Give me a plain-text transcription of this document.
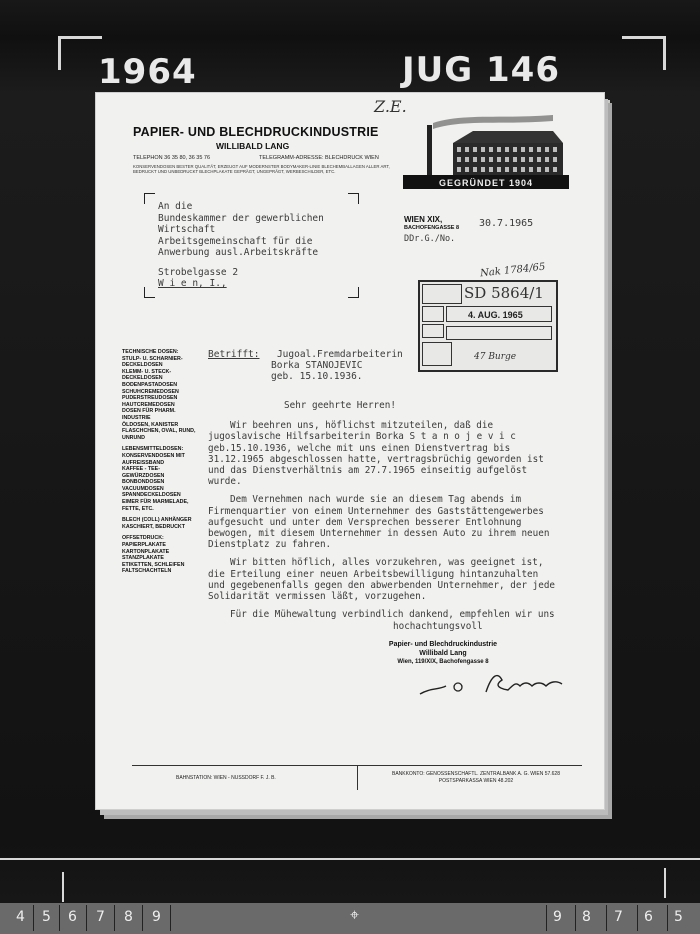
1964	JUG 146
Z.E.
PAPIER- UND BLECHDRUCKINDUSTRIE
WILLIBALD LANG
TELEPHON 36 35 80, 36 35 76	TELEGRAMM-ADRESSE: BLECHDRUCK WIEN
KONSERVENDOSEN BESTER QUALITÄT, ERZEUGT AUF MODERNSTER BODYMAKER-LINIE BLECHEMBALLAGEN ALLER ART, BEDRUCKT UND UNBEDRUCKT BLECHPLAKATE GEPRÄGT, UNGEPRÄGT, WERBESCHILDER, ETC.
GEGRÜNDET 1904
An die
Bundeskammer der gewerblichen
Wirtschaft
Arbeitsgemeinschaft für die
Anwerbung ausl.Arbeitskräfte
Strobelgasse 2
W i e n, I.,
WIEN XIX,
BACHOFENGASSE 8
DDr.G./No.
30.7.1965
Nak 1784/65
SD 5864/1
4. AUG. 1965
47 Burge
TECHNISCHE DOSEN:
STULP- U. SCHARNIER-DECKELDOSEN
KLEMM- U. STECK-DECKELDOSEN
BODENPASTADOSEN
SCHUHCREMEDOSEN
PUDERSTREUDOSEN
HAUTCREMEDOSEN
DOSEN FÜR PHARM. INDUSTRIE
ÖLDOSEN, KANISTER
FLASCHCHEN, OVAL, RUND, UNRUND
LEBENSMITTELDOSEN:
KONSERVENDOSEN MIT AUFREISSBAND
KAFFEE - TEE-
GEWÜRZDOSEN
BONBONDOSEN
VACUUMDOSEN
SPANNDECKELDOSEN
EIMER FÜR MARMELADE, FETTE, ETC.
BLECH (COLL) ANHÄNGER
KASCHIERT, BEDRUCKT
OFFSETDRUCK:
PAPIERPLAKATE
KARTONPLAKATE
STANZPLAKATE
ETIKETTEN, SCHLEIFEN
FALTSCHACHTELN
Betrifft: Jugoal.Fremdarbeiterin
Borka STANOJEVIC
geb. 15.10.1936.

Sehr geehrte Herren!

Wir beehren uns, höflichst mitzuteilen, daß die jugoslavische Hilfsarbeiterin Borka S t a n o j e v i c geb.15.10.1936, welche mit uns einen Dienstvertrag bis 31.12.1965 abgeschlossen hatte, vertragsbrüchig geworden ist und das Dienstverhältnis am 27.7.1965 einseitig aufgelöst wurde.

Dem Vernehmen nach wurde sie an diesem Tag abends im Firmenquartier von einem Unternehmer des Gaststättengewerbes aufgesucht und unter dem Versprechen besserer Entlohnung bewogen, mit diesem Unternehmer in dessen Auto zu ihrem neuen Dienstplatz zu fahren.

Wir bitten höflich, alles vorzukehren, was geeignet ist, die Erteilung einer neuen Arbeitsbewilligung hintanzuhalten und gegebenenfalls gegen den abwerbenden Unternehmer, der jede Solidarität vermissen läßt, vorzugehen.

Für die Mühewaltung verbindlich dankend, empfehlen wir uns

hochachtungsvoll
Papier- und Blechdruckindustrie
Willibald Lang
Wien, 119/XIX, Bachofengasse 8
BAHNSTATION: WIEN - NUSSDORF F. J. B.
BANKKONTO: GENOSSENSCHAFTL. ZENTRALBANK A. G. WIEN 57.628
POSTSPARKASSA WIEN 48.202
4 5 6 7 8 9	9 8 7 6 5
⌖
